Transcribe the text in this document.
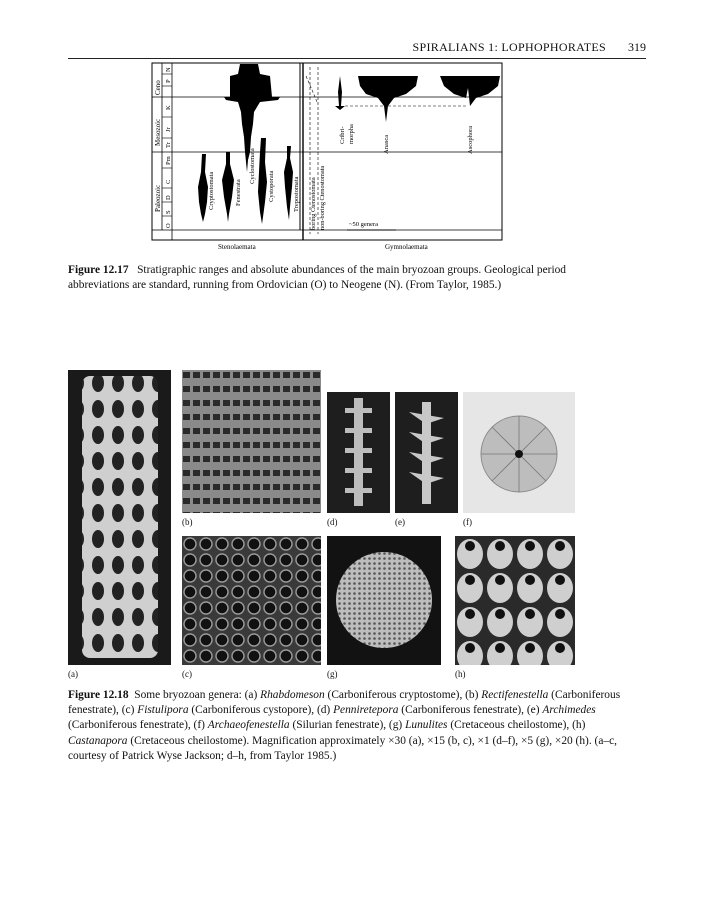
SPIRALIANS 1: LOPHOPHORATES 319
Paleozoic
Mesozoic
Ceno
O
S
D
C
Pm
Tr
Jr
K
P
N
Cryptostomata	Fenestrata
Cyclostomata
Cystoporata	Trepostomata boring Ctenostomata non-boring Ctenostomata
Cribri- morpha
Anasca	Ascophora
~50 genera
Stenolaemata	Gymnolaemata
Figure 12.17 Stratigraphic ranges and absolute abundances of the main bryozoan groups. Geological period abbreviations are standard, running from Ordovician (O) to Neogene (N). (From Taylor, 1985.)
(a)
(b)
(c)
(d)	(e)	(f)
(g)	(h)
Figure 12.18 Some bryozoan genera: (a) Rhabdomeson (Carboniferous cryptostome), (b) Rectifenestella (Carboniferous fenestrate), (c) Fistulipora (Carboniferous cystopore), (d) Penniretepora (Carboniferous fenestrate), (e) Archimedes (Carboniferous fenestrate), (f) Archaeofenestella (Silurian fenestrate), (g) Lunulites (Cretaceous cheilostome), (h) Castanapora (Cretaceous cheilostome). Magnification approximately ×30 (a), ×15 (b, c), ×1 (d–f), ×5 (g), ×20 (h). (a–c, courtesy of Patrick Wyse Jackson; d–h, from Taylor 1985.)
